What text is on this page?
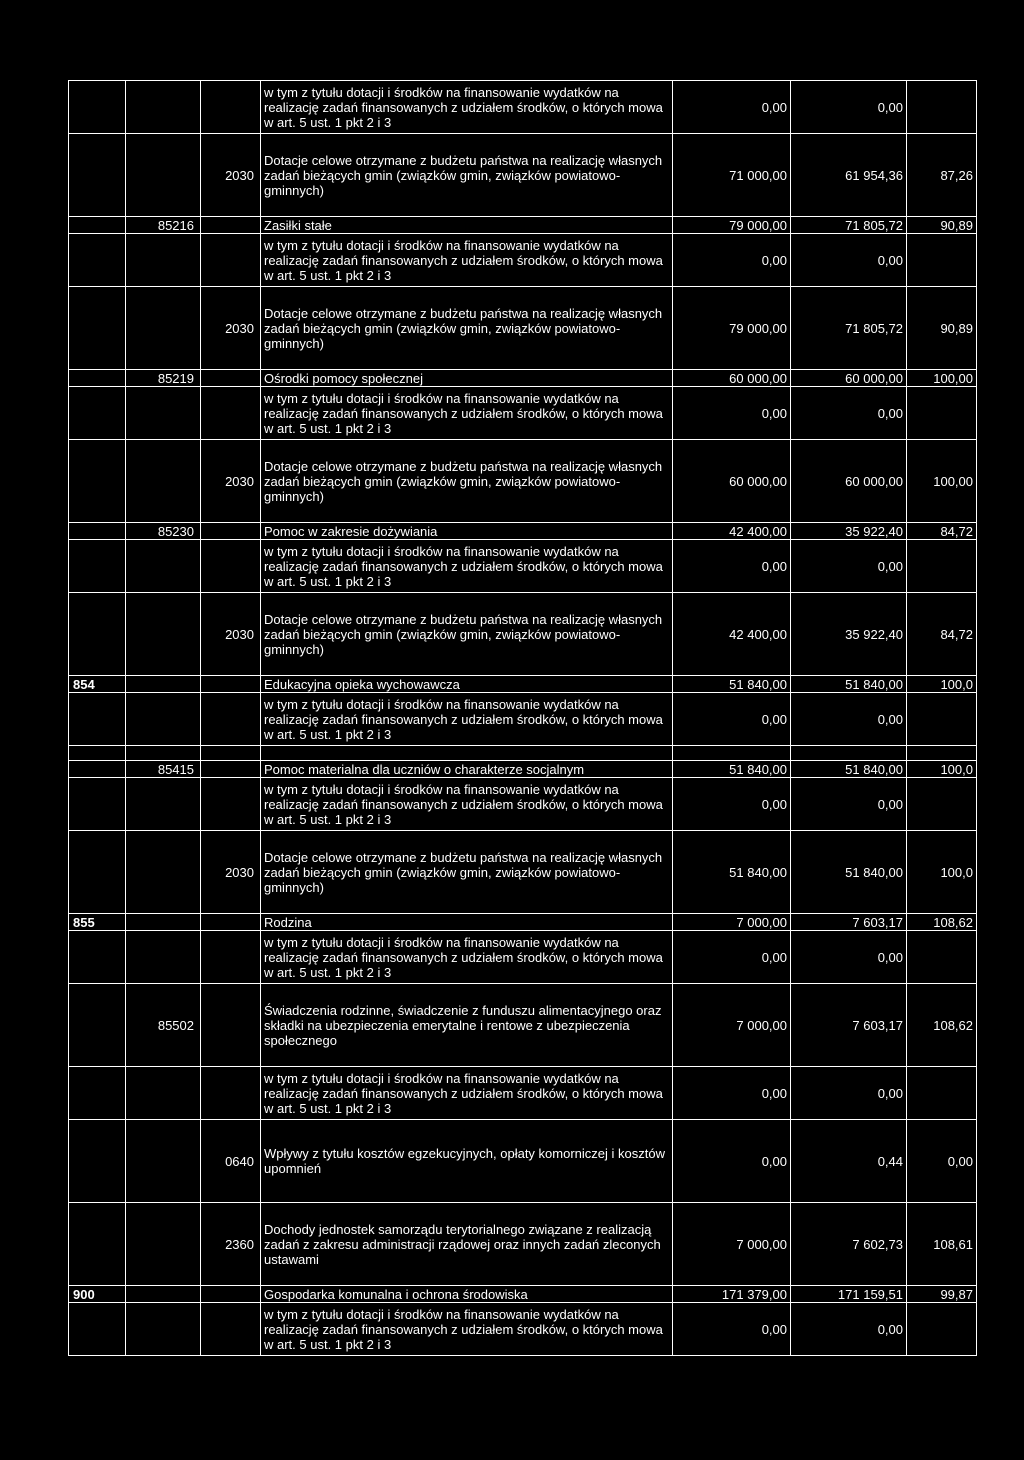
			w tym z tytułu dotacji i środków na finansowanie wydatków na realizację zadań finansowanych z udziałem środków, o których mowa w art. 5 ust. 1 pkt 2 i 3	0,00	0,00	
		2030	Dotacje celowe otrzymane z budżetu państwa na realizację własnych zadań bieżących gmin (związków gmin, związków powiatowo-gminnych)	71 000,00	61 954,36	87,26
	85216		Zasiłki stałe	79 000,00	71 805,72	90,89
			w tym z tytułu dotacji i środków na finansowanie wydatków na realizację zadań finansowanych z udziałem środków, o których mowa w art. 5 ust. 1 pkt 2 i 3	0,00	0,00	
		2030	Dotacje celowe otrzymane z budżetu państwa na realizację własnych zadań bieżących gmin (związków gmin, związków powiatowo-gminnych)	79 000,00	71 805,72	90,89
	85219		Ośrodki pomocy społecznej	60 000,00	60 000,00	100,00
			w tym z tytułu dotacji i środków na finansowanie wydatków na realizację zadań finansowanych z udziałem środków, o których mowa w art. 5 ust. 1 pkt 2 i 3	0,00	0,00	
		2030	Dotacje celowe otrzymane z budżetu państwa na realizację własnych zadań bieżących gmin (związków gmin, związków powiatowo-gminnych)	60 000,00	60 000,00	100,00
	85230		Pomoc w zakresie dożywiania	42 400,00	35 922,40	84,72
			w tym z tytułu dotacji i środków na finansowanie wydatków na realizację zadań finansowanych z udziałem środków, o których mowa w art. 5 ust. 1 pkt 2 i 3	0,00	0,00	
		2030	Dotacje celowe otrzymane z budżetu państwa na realizację własnych zadań bieżących gmin (związków gmin, związków powiatowo-gminnych)	42 400,00	35 922,40	84,72
854			Edukacyjna opieka wychowawcza	51 840,00	51 840,00	100,0
			w tym z tytułu dotacji i środków na finansowanie wydatków na realizację zadań finansowanych z udziałem środków, o których mowa w art. 5 ust. 1 pkt 2 i 3	0,00	0,00	

	85415		Pomoc materialna dla uczniów o charakterze socjalnym	51 840,00	51 840,00	100,0
			w tym z tytułu dotacji i środków na finansowanie wydatków na realizację zadań finansowanych z udziałem środków, o których mowa w art. 5 ust. 1 pkt 2 i 3	0,00	0,00	
		2030	Dotacje celowe otrzymane z budżetu państwa na realizację własnych zadań bieżących gmin (związków gmin, związków powiatowo-gminnych)	51 840,00	51 840,00	100,0
855			Rodzina	7 000,00	7 603,17	108,62
			w tym z tytułu dotacji i środków na finansowanie wydatków na realizację zadań finansowanych z udziałem środków, o których mowa w art. 5 ust. 1 pkt 2 i 3	0,00	0,00	
	85502		Świadczenia rodzinne, świadczenie z funduszu alimentacyjnego oraz składki na ubezpieczenia emerytalne i rentowe z ubezpieczenia społecznego	7 000,00	7 603,17	108,62
			w tym z tytułu dotacji i środków na finansowanie wydatków na realizację zadań finansowanych z udziałem środków, o których mowa w art. 5 ust. 1 pkt 2 i 3	0,00	0,00	
		0640	Wpływy z tytułu kosztów egzekucyjnych, opłaty komorniczej i kosztów upomnień	0,00	0,44	0,00
		2360	Dochody jednostek samorządu terytorialnego związane z realizacją zadań z zakresu administracji rządowej oraz innych zadań zleconych ustawami	7 000,00	7 602,73	108,61
900			Gospodarka komunalna i ochrona środowiska	171 379,00	171 159,51	99,87
			w tym z tytułu dotacji i środków na finansowanie wydatków na realizację zadań finansowanych z udziałem środków, o których mowa w art. 5 ust. 1 pkt 2 i 3	0,00	0,00	
